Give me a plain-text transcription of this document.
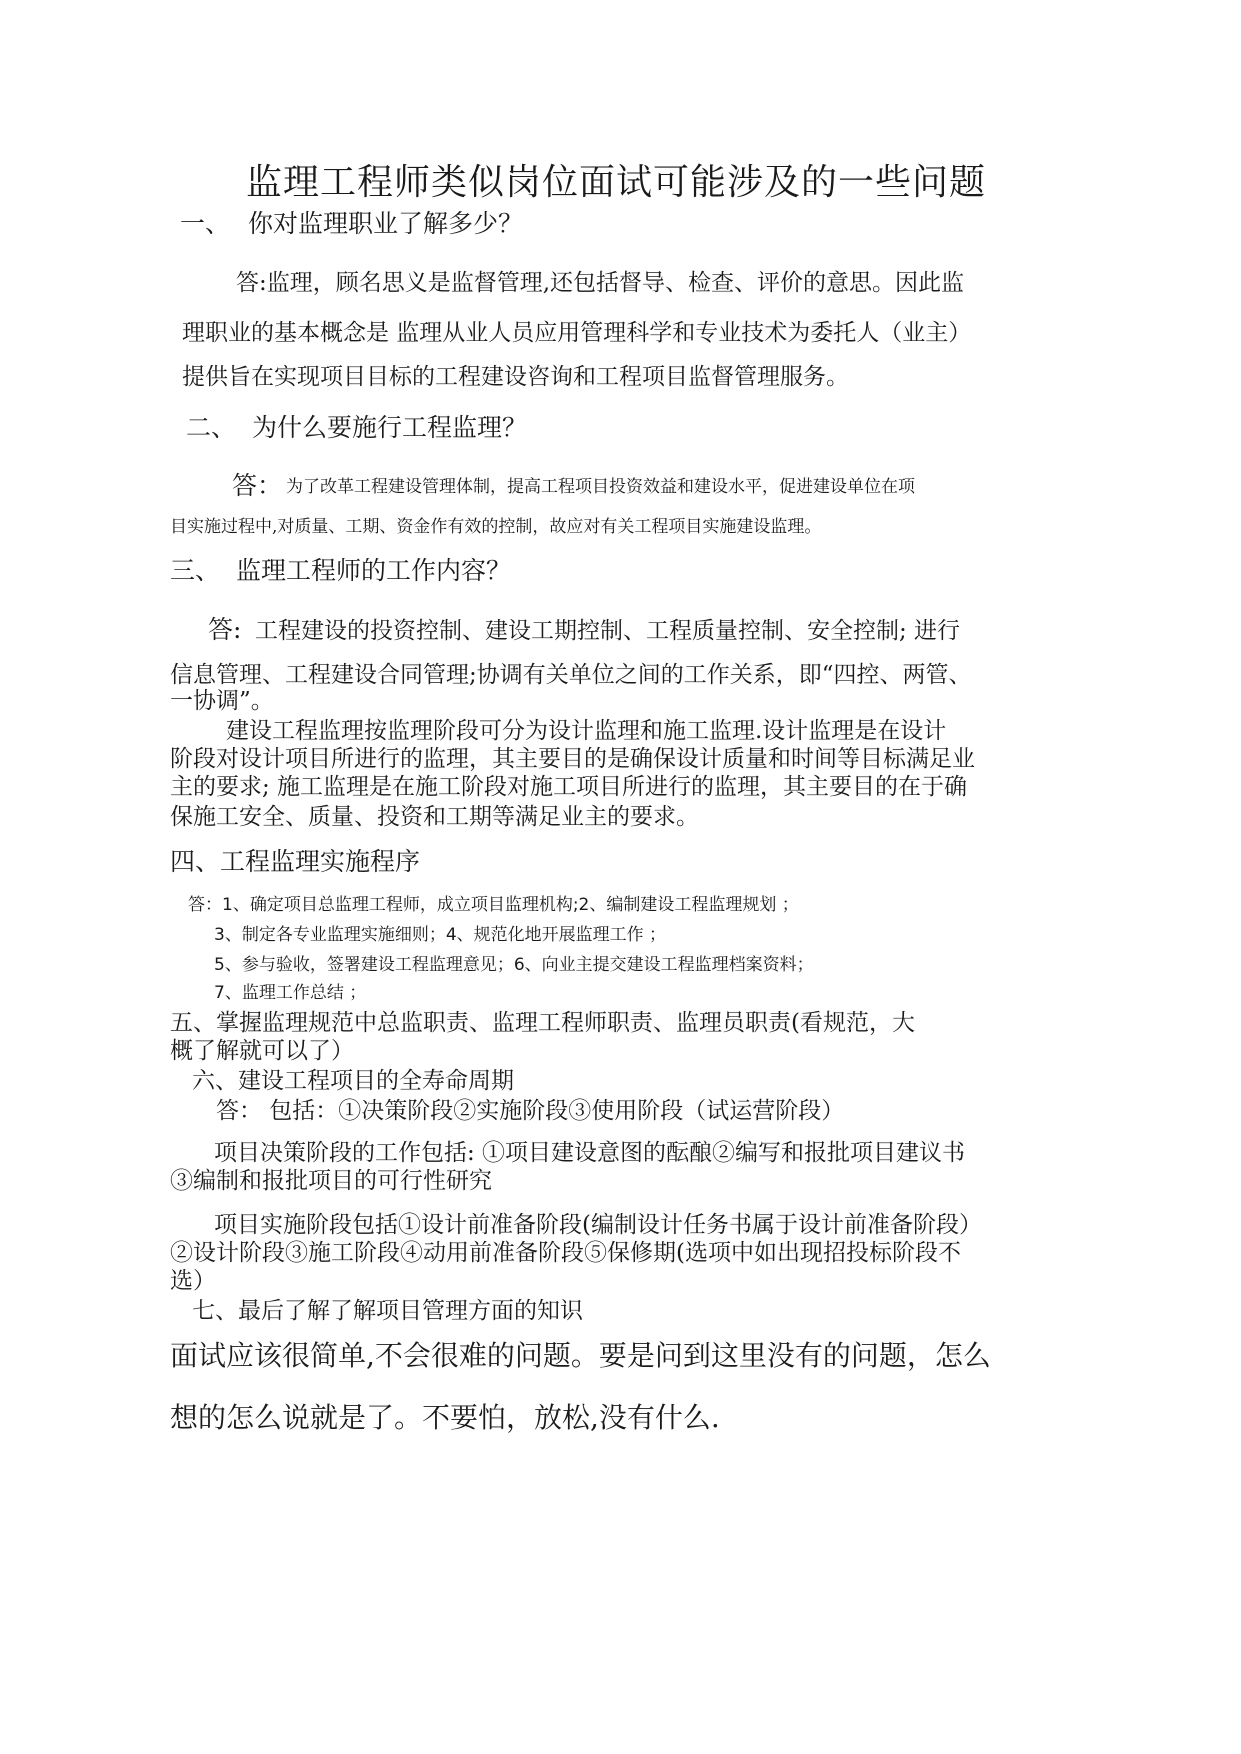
监理工程师类似岗位面试可能涉及的一些问题
一、 你对监理职业了解多少？
答:监理，顾名思义是监督管理,还包括督导、检查、评价的意思。因此监
理职业的基本概念是 监理从业人员应用管理科学和专业技术为委托人（业主）
提供旨在实现项目目标的工程建设咨询和工程项目监督管理服务。
二、 为什么要施行工程监理？
答： 为了改革工程建设管理体制，提高工程项目投资效益和建设水平，促进建设单位在项
目实施过程中,对质量、工期、资金作有效的控制，故应对有关工程项目实施建设监理。
三、 监理工程师的工作内容？
答: 工程建设的投资控制、建设工期控制、工程质量控制、安全控制; 进行
信息管理、工程建设合同管理;协调有关单位之间的工作关系，即“四控、两管、
一协调”。
建设工程监理按监理阶段可分为设计监理和施工监理.设计监理是在设计
阶段对设计项目所进行的监理，其主要目的是确保设计质量和时间等目标满足业
主的要求; 施工监理是在施工阶段对施工项目所进行的监理，其主要目的在于确
保施工安全、质量、投资和工期等满足业主的要求。
四、工程监理实施程序
答：1、确定项目总监理工程师，成立项目监理机构;2、编制建设工程监理规划 ；
3、制定各专业监理实施细则；4、规范化地开展监理工作 ；
5、参与验收，签署建设工程监理意见；6、向业主提交建设工程监理档案资料；
7、监理工作总结 ；
五、掌握监理规范中总监职责、监理工程师职责、监理员职责(看规范，大
概了解就可以了）
六、建设工程项目的全寿命周期
答： 包括：①决策阶段②实施阶段③使用阶段（试运营阶段）
项目决策阶段的工作包括: ①项目建设意图的酝酿②编写和报批项目建议书
③编制和报批项目的可行性研究
项目实施阶段包括①设计前准备阶段(编制设计任务书属于设计前准备阶段）
②设计阶段③施工阶段④动用前准备阶段⑤保修期(选项中如出现招投标阶段不
选）
七、最后了解了解项目管理方面的知识
面试应该很简单,不会很难的问题。要是问到这里没有的问题，怎么
想的怎么说就是了。不要怕，放松,没有什么.
